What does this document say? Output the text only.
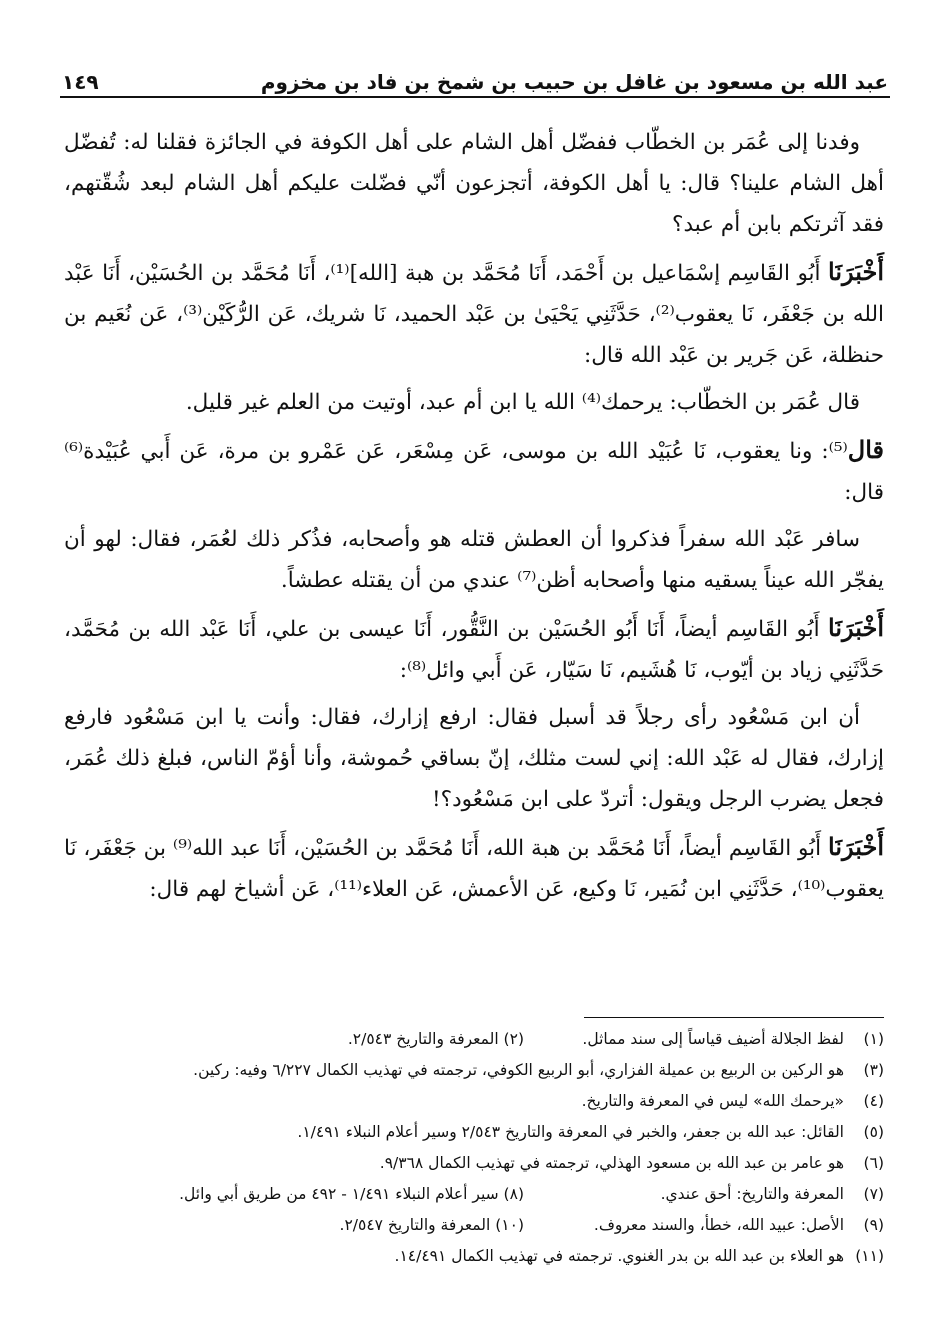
عبد الله بن مسعود بن غافل بن حبيب بن شمخ بن فاد بن مخزوم
١٤٩

وفدنا إلى عُمَر بن الخطّاب ففضّل أهل الشام على أهل الكوفة في الجائزة فقلنا له: تُفضّل أهل الشام علينا؟ قال: يا أهل الكوفة، أتجزعون أنّي فضّلت عليكم أهل الشام لبعد شُقّتهم، فقد آثرتكم بابن أم عبد؟

أَخْبَرَنَا أَبُو القَاسِم إسْمَاعيل بن أَحْمَد، أَنَا مُحَمَّد بن هبة [الله]⁽¹⁾، أَنَا مُحَمَّد بن الحُسَيْن، أَنَا عَبْد الله بن جَعْفَر، نَا يعقوب⁽²⁾، حَدَّثَنِي يَحْيَىٰ بن عَبْد الحميد، نَا شريك، عَن الرُّكَيْن⁽³⁾، عَن نُعَيم بن حنظلة، عَن جَرير بن عَبْد الله قال:

قال عُمَر بن الخطّاب: يرحمك⁽⁴⁾ الله يا ابن أم عبد، أوتيت من العلم غير قليل.

قال⁽⁵⁾: ونا يعقوب، نَا عُبَيْد الله بن موسى، عَن مِسْعَر، عَن عَمْرو بن مرة، عَن أَبي عُبَيْدة⁽⁶⁾ قال:

سافر عَبْد الله سفراً فذكروا أن العطش قتله هو وأصحابه، فذُكر ذلك لعُمَر، فقال: لهو أن يفجّر الله عيناً يسقيه منها وأصحابه أظن⁽⁷⁾ عندي من أن يقتله عطشاً.

أَخْبَرَنَا أَبُو القَاسِم أيضاً، أَنَا أَبُو الحُسَيْن بن النَّقُّور، أَنَا عيسى بن علي، أَنَا عَبْد الله بن مُحَمَّد، حَدَّثَنِي زياد بن أيّوب، نَا هُشَيم، نَا سَيّار، عَن أَبي وائل⁽⁸⁾:

أن ابن مَسْعُود رأى رجلاً قد أسبل فقال: ارفع إزارك، فقال: وأنت يا ابن مَسْعُود فارفع إزارك، فقال له عَبْد الله: إني لست مثلك، إنّ بساقي حُموشة، وأنا أؤمّ الناس، فبلغ ذلك عُمَر، فجعل يضرب الرجل ويقول: أتردّ على ابن مَسْعُود؟!

أَخْبَرَنَا أَبُو القَاسِم أيضاً، أَنَا مُحَمَّد بن هبة الله، أَنَا مُحَمَّد بن الحُسَيْن، أَنَا عبد الله⁽⁹⁾ بن جَعْفَر، نَا يعقوب⁽¹⁰⁾، حَدَّثَنِي ابن نُمَير، نَا وكيع، عَن الأعمش، عَن العلاء⁽¹¹⁾، عَن أشياخ لهم قال:

(١)
لفظ الجلالة أضيف قياساً إلى سند مماثل.
(٢) المعرفة والتاريخ ٢/٥٤٣.
(٣)
هو الركين بن الربيع بن عميلة الفزاري، أبو الربيع الكوفي، ترجمته في تهذيب الكمال ٦/٢٢٧ وفيه: ركين.
(٤)
«يرحمك الله» ليس في المعرفة والتاريخ.
(٥)
القائل: عبد الله بن جعفر، والخبر في المعرفة والتاريخ ٢/٥٤٣ وسير أعلام النبلاء ١/٤٩١.
(٦)
هو عامر بن عبد الله بن مسعود الهذلي، ترجمته في تهذيب الكمال ٩/٣٦٨.
(٧)
المعرفة والتاريخ: أحق عندي.
(٨) سير أعلام النبلاء ١/٤٩١ - ٤٩٢ من طريق أبي وائل.
(٩)
الأصل: عبيد الله، خطأ، والسند معروف.
(١٠) المعرفة والتاريخ ٢/٥٤٧.
(١١)
هو العلاء بن عبد الله بن بدر الغنوي. ترجمته في تهذيب الكمال ١٤/٤٩١.
